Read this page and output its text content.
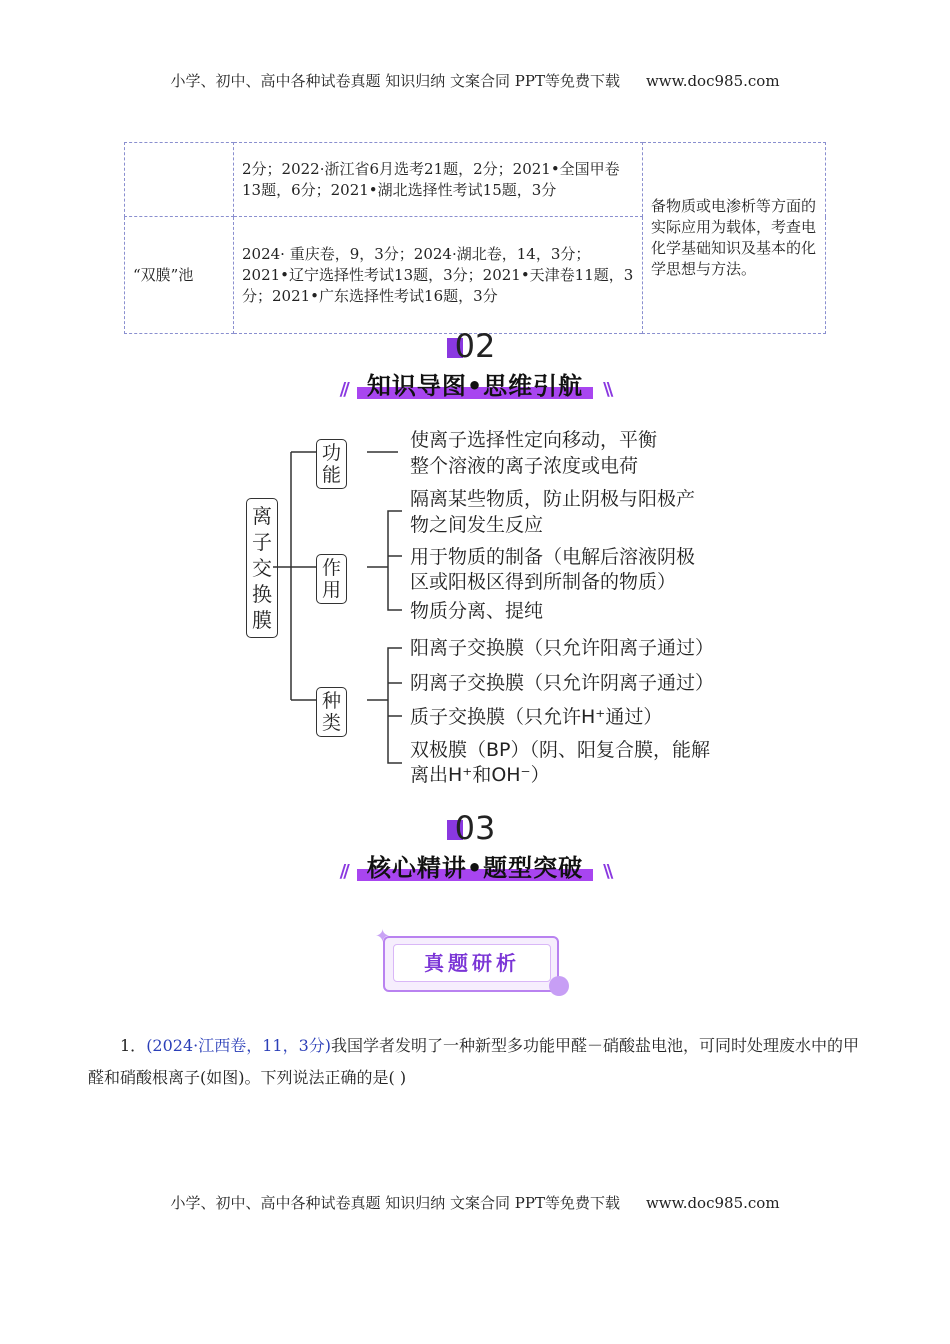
小学、初中、高中各种试卷真题 知识归纳 文案合同 PPT等免费下载 www.doc985.com
	2分；2022·浙江省6月选考21题，2分；2021•全国甲卷13题，6分；2021•湖北选择性考试15题，3分	备物质或电渗析等方面的实际应用为载体，考查电化学基础知识及基本的化学思想与方法。
“双膜”池	2024· 重庆卷，9，3分；2024·湖北卷，14，3分；2021•辽宁选择性考试13题，3分；2021•天津卷11题，3分；2021•广东选择性考试16题，3分	
02
// 知识导图•思维引航 \\
离子交换膜
功能
使离子选择性定向移动，平衡
整个溶液的离子浓度或电荷
作用
隔离某些物质，防止阴极与阳极产
物之间发生反应
用于物质的制备（电解后溶液阴极
区或阳极区得到所制备的物质）
物质分离、提纯
种类
阳离子交换膜（只允许阳离子通过）
阴离子交换膜（只允许阴离子通过）
质子交换膜（只允许H⁺通过）
双极膜（BP）（阴、阳复合膜，能解
离出H⁺和OH⁻）
03
// 核心精讲•题型突破 \\
真题研析
✦
1．(2024·江西卷，11，3分)我国学者发明了一种新型多功能甲醛－硝酸盐电池，可同时处理废水中的甲醛和硝酸根离子(如图)。下列说法正确的是( )
小学、初中、高中各种试卷真题 知识归纳 文案合同 PPT等免费下载 www.doc985.com
